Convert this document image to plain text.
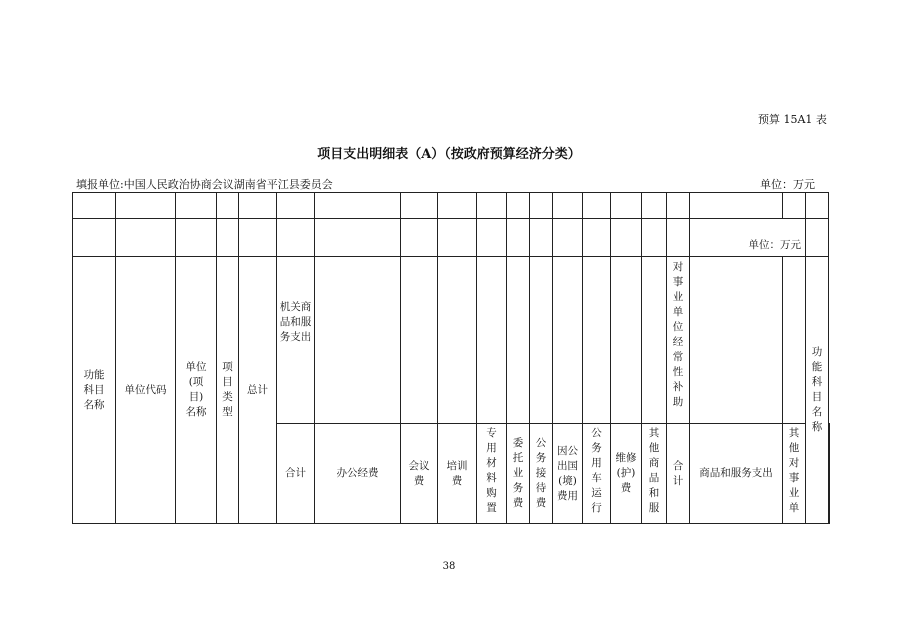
预算 15A1 表
项目支出明细表（A）（按政府预算经济分类）
填报单位:中国人民政治协商会议湖南省平江县委员会	单位：万元

																	单位：万元			
功能科目名称	单位代码	单位(项目)名称	项目类型	总计	机关商品和服务支出											对事业单位经常性补助			功能科目名称	
					合计	办公经费	会议费	培训费	专用材料购置	委托业务费	公务接待费	因公出国(境)费用	公务用车运行	维修(护)费	其他商品和服	合计	商品和服务支出	其他对事业单		
38
